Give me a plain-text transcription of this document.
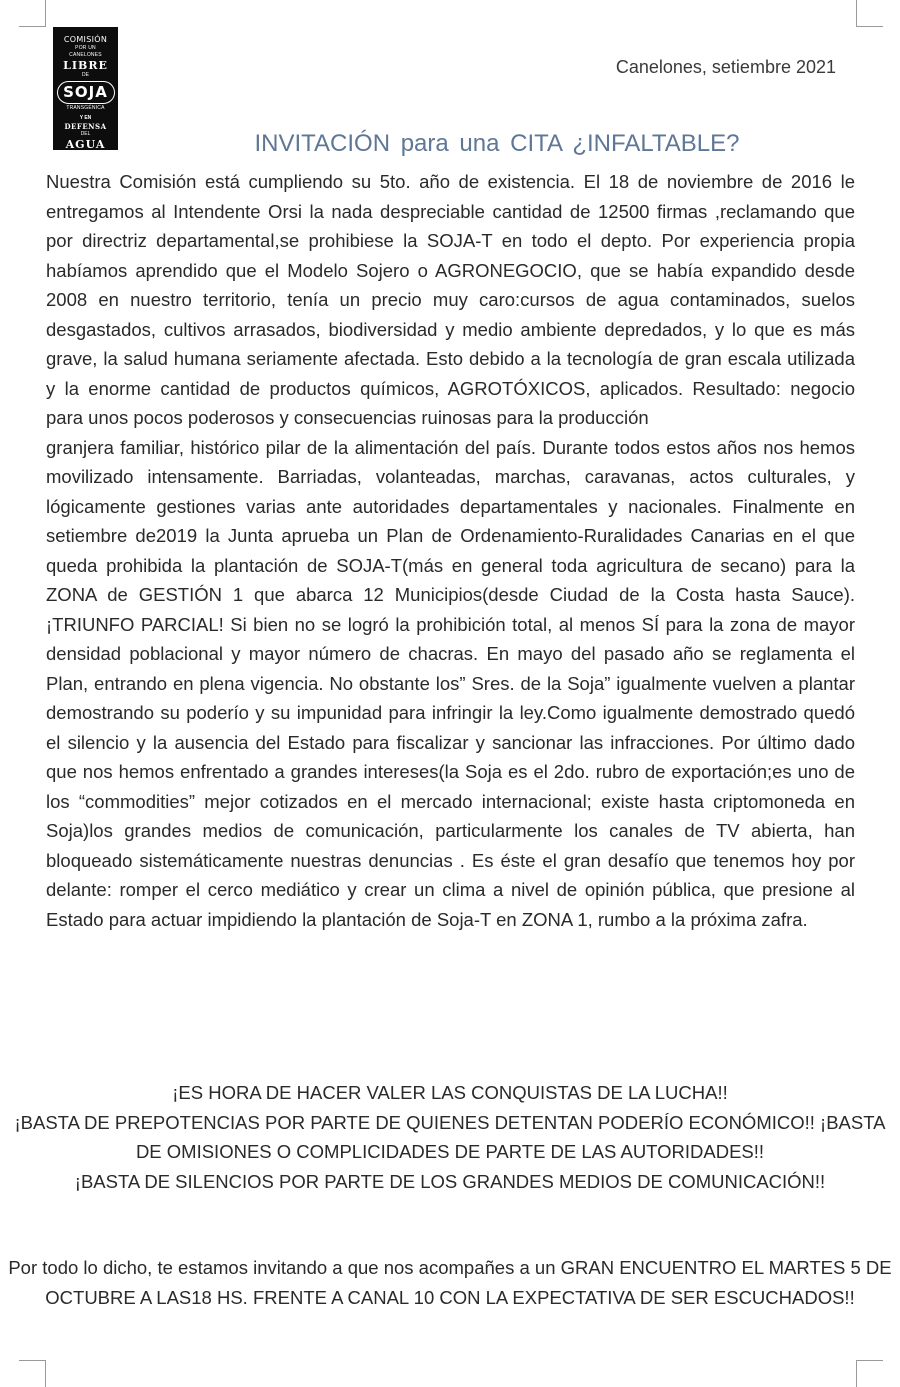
COMISIÓN
POR UN
CANELONES
LIBRE
DE
SOJA
TRANSGÉNICA
Y EN
DEFENSA
DEL
AGUA

Canelones, setiembre 2021

INVITACIÓN para una CITA ¿INFALTABLE?

Nuestra Comisión está cumpliendo su 5to. año de existencia. El 18 de noviembre de 2016 le entregamos al Intendente Orsi la nada despreciable cantidad de 12500 firmas ,reclamando que por directriz departamental,se prohibiese la SOJA-T en todo el depto. Por experiencia propia habíamos aprendido que el Modelo Sojero o AGRONEGOCIO, que se había expandido desde 2008 en nuestro territorio, tenía un precio muy caro:cursos de agua contaminados, suelos desgastados, cultivos arrasados, biodiversidad y medio ambiente depredados, y lo que es más grave, la salud humana seriamente afectada. Esto debido a la tecnología de gran escala utilizada y la enorme cantidad de productos químicos, AGROTÓXICOS, aplicados. Resultado: negocio para unos pocos poderosos y consecuencias ruinosas para la producción

granjera familiar, histórico pilar de la alimentación del país. Durante todos estos años nos hemos movilizado intensamente. Barriadas, volanteadas, marchas, caravanas, actos culturales, y lógicamente gestiones varias ante autoridades departamentales y nacionales. Finalmente en setiembre de2019 la Junta aprueba un Plan de Ordenamiento-Ruralidades Canarias en el que queda prohibida la plantación de SOJA-T(más en general toda agricultura de secano) para la ZONA de GESTIÓN 1 que abarca 12 Municipios(desde Ciudad de la Costa hasta Sauce). ¡TRIUNFO PARCIAL! Si bien no se logró la prohibición total, al menos SÍ para la zona de mayor densidad poblacional y mayor número de chacras. En mayo del pasado año se reglamenta el Plan, entrando en plena vigencia. No obstante los” Sres. de la Soja” igualmente vuelven a plantar demostrando su poderío y su impunidad para infringir la ley.Como igualmente demostrado quedó el silencio y la ausencia del Estado para fiscalizar y sancionar las infracciones. Por último dado que nos hemos enfrentado a grandes intereses(la Soja es el 2do. rubro de exportación;es uno de los “commodities” mejor cotizados en el mercado internacional; existe hasta criptomoneda en Soja)los grandes medios de comunicación, particularmente los canales de TV abierta, han bloqueado sistemáticamente nuestras denuncias . Es éste el gran desafío que tenemos hoy por delante: romper el cerco mediático y crear un clima a nivel de opinión pública, que presione al Estado para actuar impidiendo la plantación de Soja-T en ZONA 1, rumbo a la próxima zafra.

¡ES HORA DE HACER VALER LAS CONQUISTAS DE LA LUCHA!!

¡BASTA DE PREPOTENCIAS POR PARTE DE QUIENES DETENTAN PODERÍO ECONÓMICO!! ¡BASTA DE OMISIONES O COMPLICIDADES DE PARTE DE LAS AUTORIDADES!!

¡BASTA DE SILENCIOS POR PARTE DE LOS GRANDES MEDIOS DE COMUNICACIÓN!!

Por todo lo dicho, te estamos invitando a que nos acompañes a un GRAN ENCUENTRO EL MARTES 5 DE OCTUBRE A LAS18 HS. FRENTE A CANAL 10 CON LA EXPECTATIVA DE SER ESCUCHADOS!!
